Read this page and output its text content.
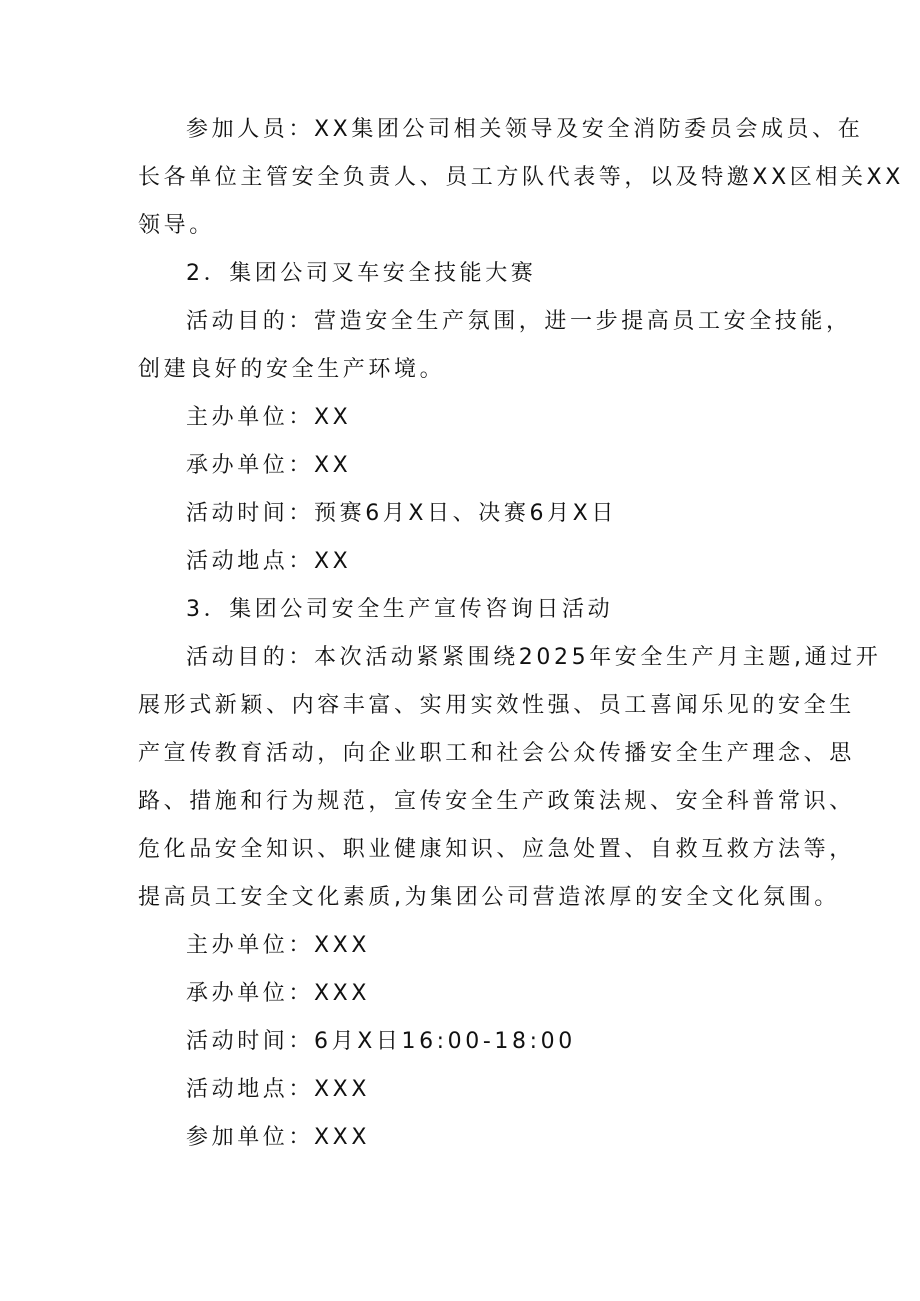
参加人员：XX集团公司相关领导及安全消防委员会成员、在
长各单位主管安全负责人、员工方队代表等，以及特邀XX区相关XX
领导。
2．集团公司叉车安全技能大赛
活动目的：营造安全生产氛围，进一步提高员工安全技能，
创建良好的安全生产环境。
主办单位：XX
承办单位：XX
活动时间：预赛6月X日、决赛6月X日
活动地点：XX
3．集团公司安全生产宣传咨询日活动
活动目的：本次活动紧紧围绕2025年安全生产月主题,通过开
展形式新颖、内容丰富、实用实效性强、员工喜闻乐见的安全生
产宣传教育活动，向企业职工和社会公众传播安全生产理念、思
路、措施和行为规范，宣传安全生产政策法规、安全科普常识、
危化品安全知识、职业健康知识、应急处置、自救互救方法等，
提高员工安全文化素质,为集团公司营造浓厚的安全文化氛围。
主办单位：XXX
承办单位：XXX
活动时间：6月X日16:00-18:00
活动地点：XXX
参加单位：XXX
